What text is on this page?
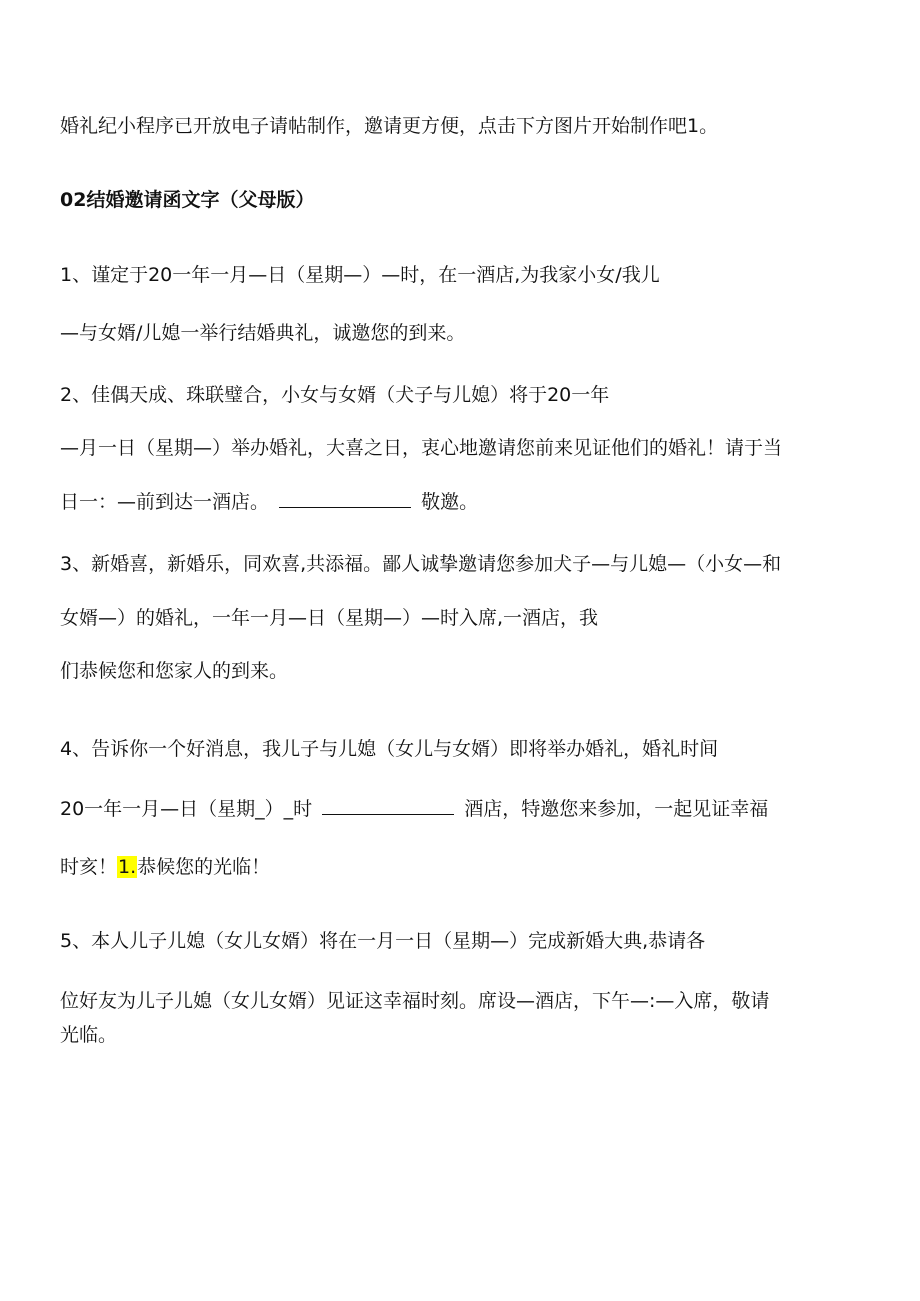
婚礼纪小程序已开放电子请帖制作，邀请更方便，点击下方图片开始制作吧1。
02结婚邀请函文字（父母版）
1、谨定于20一年一月—日（星期—）—时，在一酒店,为我家小女/我儿
—与女婿/儿媳一举行结婚典礼，诚邀您的到来。
2、佳偶天成、珠联璧合，小女与女婿（犬子与儿媳）将于20一年
—月一日（星期—）举办婚礼，大喜之日，衷心地邀请您前来见证他们的婚礼！请于当
日一：—前到达一酒店。	敬邀。
3、新婚喜，新婚乐，同欢喜,共添福。鄙人诚挚邀请您参加犬子—与儿媳—（小女—和
女婿—）的婚礼，一年一月—日（星期—）—时入席,一酒店，我
们恭候您和您家人的到来。
4、告诉你一个好消息，我儿子与儿媳（女儿与女婿）即将举办婚礼，婚礼时间
20一年一月—日（星期_）_时	酒店，特邀您来参加，一起见证幸福
时亥！1.恭候您的光临！
5、本人儿子儿媳（女儿女婿）将在一月一日（星期—）完成新婚大典,恭请各
位好友为儿子儿媳（女儿女婿）见证这幸福时刻。席设—酒店，下午—:—入席，敬请
光临。
